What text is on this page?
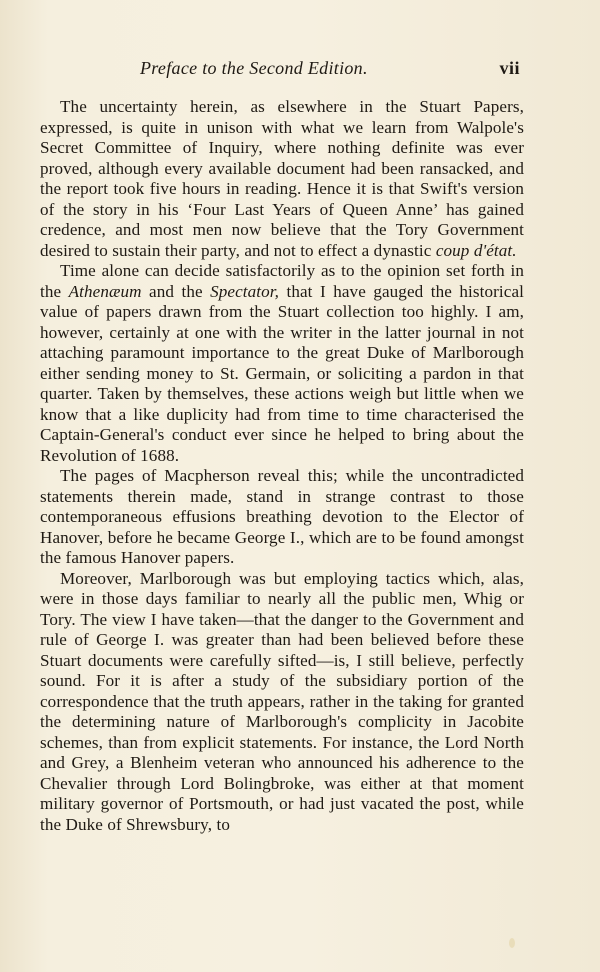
Preface to the Second Edition.	vii

The uncertainty herein, as elsewhere in the Stuart Papers, expressed, is quite in unison with what we learn from Walpole's Secret Committee of Inquiry, where nothing definite was ever proved, although every available document had been ransacked, and the report took five hours in reading. Hence it is that Swift's version of the story in his ‘Four Last Years of Queen Anne’ has gained credence, and most men now believe that the Tory Government desired to sustain their party, and not to effect a dynastic coup d'état.

Time alone can decide satisfactorily as to the opinion set forth in the Athenæum and the Spectator, that I have gauged the historical value of papers drawn from the Stuart collection too highly. I am, however, certainly at one with the writer in the latter journal in not attaching paramount importance to the great Duke of Marlborough either sending money to St. Germain, or soliciting a pardon in that quarter. Taken by themselves, these actions weigh but little when we know that a like duplicity had from time to time characterised the Captain-General's conduct ever since he helped to bring about the Revolution of 1688.

The pages of Macpherson reveal this; while the uncontradicted statements therein made, stand in strange contrast to those contemporaneous effusions breathing devotion to the Elector of Hanover, before he became George I., which are to be found amongst the famous Hanover papers.

Moreover, Marlborough was but employing tactics which, alas, were in those days familiar to nearly all the public men, Whig or Tory. The view I have taken—that the danger to the Government and rule of George I. was greater than had been believed before these Stuart documents were carefully sifted—is, I still believe, perfectly sound. For it is after a study of the subsidiary portion of the correspondence that the truth appears, rather in the taking for granted the determining nature of Marlborough's complicity in Jacobite schemes, than from explicit statements. For instance, the Lord North and Grey, a Blenheim veteran who announced his adherence to the Chevalier through Lord Bolingbroke, was either at that moment military governor of Portsmouth, or had just vacated the post, while the Duke of Shrewsbury, to
